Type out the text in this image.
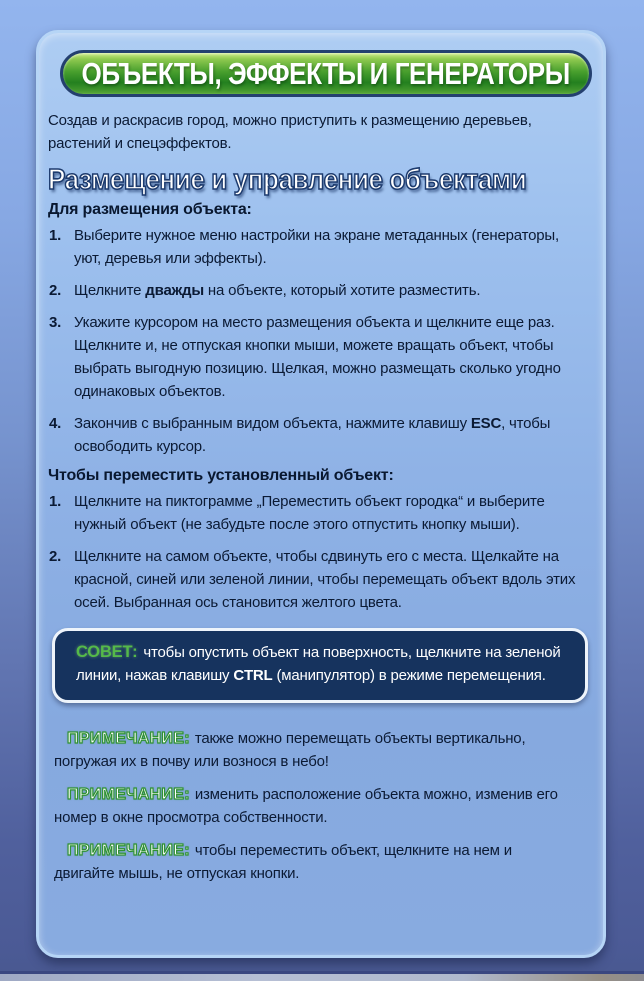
ОБЪЕКТЫ, ЭФФЕКТЫ И ГЕНЕРАТОРЫ

Создав и раскрасив город, можно приступить к размещению деревьев, растений и спецэффектов.

Размещение и управление объектами

Для размещения объекта:

1. Выберите нужное меню настройки на экране метаданных (генераторы, уют, деревья или эффекты).
2. Щелкните дважды на объекте, который хотите разместить.
3. Укажите курсором на место размещения объекта и щелкните еще раз. Щелкните и, не отпуская кнопки мыши, можете вращать объект, чтобы выбрать выгодную позицию. Щелкая, можно размещать сколько угодно одинаковых объектов.
4. Закончив с выбранным видом объекта, нажмите клавишу ESC, чтобы освободить курсор.

Чтобы переместить установленный объект:

1. Щелкните на пиктограмме „Переместить объект городка“ и выберите нужный объект (не забудьте после этого отпустить кнопку мыши).
2. Щелкните на самом объекте, чтобы сдвинуть его с места. Щелкайте на красной, синей или зеленой линии, чтобы перемещать объект вдоль этих осей. Выбранная ось становится желтого цвета.
СОВЕТ: чтобы опустить объект на поверхность, щелкните на зеленой линии, нажав клавишу CTRL (манипулятор) в режиме перемещения.

ПРИМЕЧАНИЕ: также можно перемещать объекты вертикально, погружая их в почву или вознося в небо!

ПРИМЕЧАНИЕ: изменить расположение объекта можно, изменив его номер в окне просмотра собственности.

ПРИМЕЧАНИЕ: чтобы переместить объект, щелкните на нем и двигайте мышь, не отпуская кнопки.
